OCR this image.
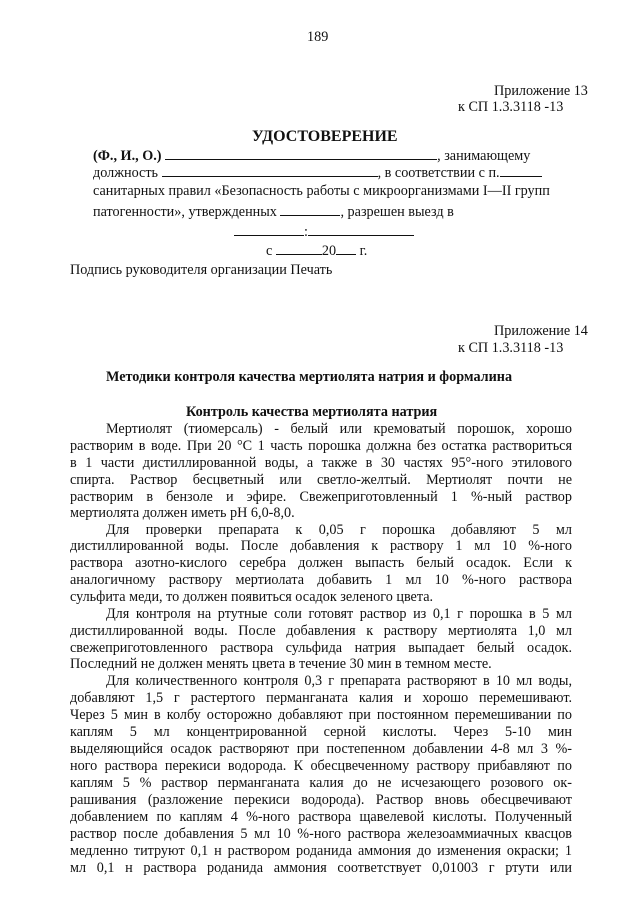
189

Приложение 13

к СП 1.3.3118 -13

УДОСТОВЕРЕНИЕ

(Ф., И., О.)	, занимающему
должность	, в соответствии с п.

санитарных правил «Безопасность работы с микроорганизмами I—II групп

патогенности», утвержденных	, разрешен выезд в
:
с	20 г.

Подпись руководителя организации Печать

Приложение 14

к СП 1.3.3118 -13

Методики контроля качества мертиолята натрия и формалина

Контроль качества мертиолята натрия

Мертиолят (тиомерсаль) - белый или кремоватый порошок, хорошо

растворим в воде. При 20 °С 1 часть порошка должна без остатка раствориться

в 1 части дистиллированной воды, а также в 30 частях 95°-ного этилового

спирта. Раствор бесцветный или светло-желтый. Мертиолят почти не

растворим в бензоле и эфире. Свежеприготовленный 1 %-ный раствор

мертиолята должен иметь рН 6,0-8,0.

Для проверки препарата к 0,05 г порошка добавляют 5 мл

дистиллированной воды. После добавления к раствору 1 мл 10 %-ного

раствора азотно-кислого серебра должен выпасть белый осадок. Если к

аналогичному раствору мертиолата добавить 1 мл 10 %-ного раствора

сульфита меди, то должен появиться осадок зеленого цвета.

Для контроля на ртутные соли готовят раствор из 0,1 г порошка в 5 мл

дистиллированной воды. После добавления к раствору мертиолята 1,0 мл

свежеприготовленного раствора сульфида натрия выпадает белый осадок.

Последний не должен менять цвета в течение 30 мин в темном месте.

Для количественного контроля 0,3 г препарата растворяют в 10 мл воды,

добавляют 1,5 г растертого перманганата калия и хорошо перемешивают.

Через 5 мин в колбу осторожно добавляют при постоянном перемешивании по

каплям 5 мл концентрированной серной кислоты. Через 5-10 мин

выделяющийся осадок растворяют при постепенном добавлении 4-8 мл 3 %-

ного раствора перекиси водорода. К обесцвеченному раствору прибавляют по

каплям 5 % раствор перманганата калия до не исчезающего розового ок-

рашивания (разложение перекиси водорода). Раствор вновь обесцвечивают

добавлением по каплям 4 %-ного раствора щавелевой кислоты. Полученный

раствор после добавления 5 мл 10 %-ного раствора железоаммиачных квасцов

медленно титруют 0,1 н раствором роданида аммония до изменения окраски; 1

мл 0,1 н раствора роданида аммония соответствует 0,01003 г ртути или
